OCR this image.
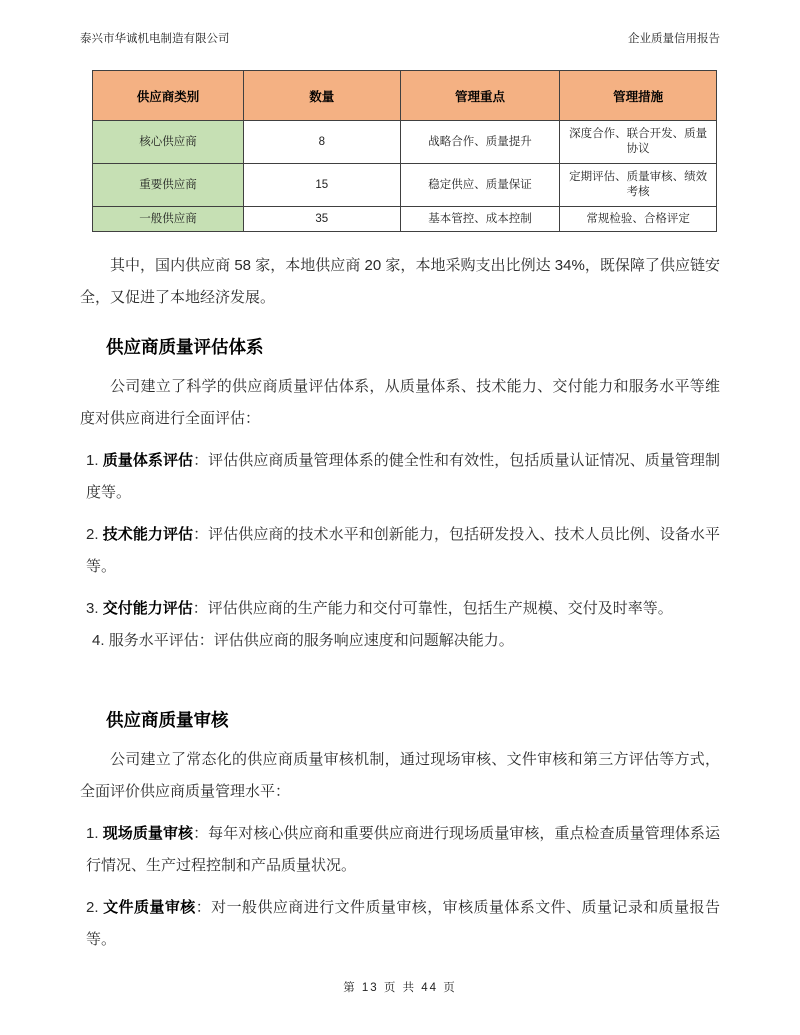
泰兴市华诚机电制造有限公司	企业质量信用报告
供应商类别	数量	管理重点	管理措施
核心供应商	8	战略合作、质量提升	深度合作、联合开发、质量协议
重要供应商	15	稳定供应、质量保证	定期评估、质量审核、绩效考核
一般供应商	35	基本管控、成本控制	常规检验、合格评定

其中，国内供应商 58 家，本地供应商 20 家，本地采购支出比例达 34%，既保障了供应链安全，又促进了本地经济发展。

供应商质量评估体系

公司建立了科学的供应商质量评估体系，从质量体系、技术能力、交付能力和服务水平等维度对供应商进行全面评估：

1. 质量体系评估：评估供应商质量管理体系的健全性和有效性，包括质量认证情况、质量管理制度等。

2. 技术能力评估：评估供应商的技术水平和创新能力，包括研发投入、技术人员比例、设备水平等。

3. 交付能力评估：评估供应商的生产能力和交付可靠性，包括生产规模、交付及时率等。

4. 服务水平评估：评估供应商的服务响应速度和问题解决能力。

供应商质量审核

公司建立了常态化的供应商质量审核机制，通过现场审核、文件审核和第三方评估等方式，全面评价供应商质量管理水平：

1. 现场质量审核：每年对核心供应商和重要供应商进行现场质量审核，重点检查质量管理体系运行情况、生产过程控制和产品质量状况。

2. 文件质量审核：对一般供应商进行文件质量审核，审核质量体系文件、质量记录和质量报告等。

第 13 页 共 44 页
